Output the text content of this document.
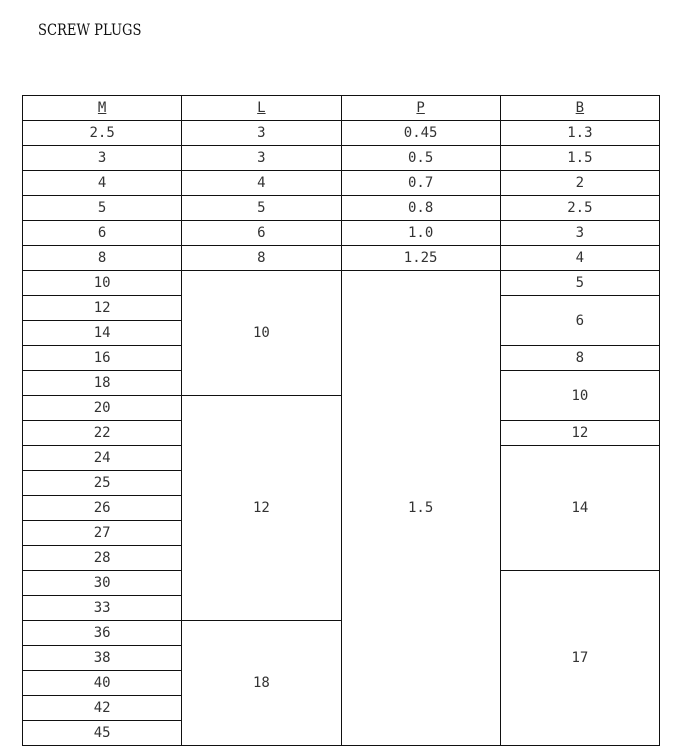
SCREW PLUGS
M	L	P	B
2.5	3	0.45	1.3
3	3	0.5	1.5
4	4	0.7	2
5	5	0.8	2.5
6	6	1.0	3
8	8	1.25	4
10	10	1.5	5
12			6
14			
16			8
18			10
20	12		
22			12
24			14
25			
26			
27			
28			
30			17
33			
36	18		
38			
40			
42			
45			
